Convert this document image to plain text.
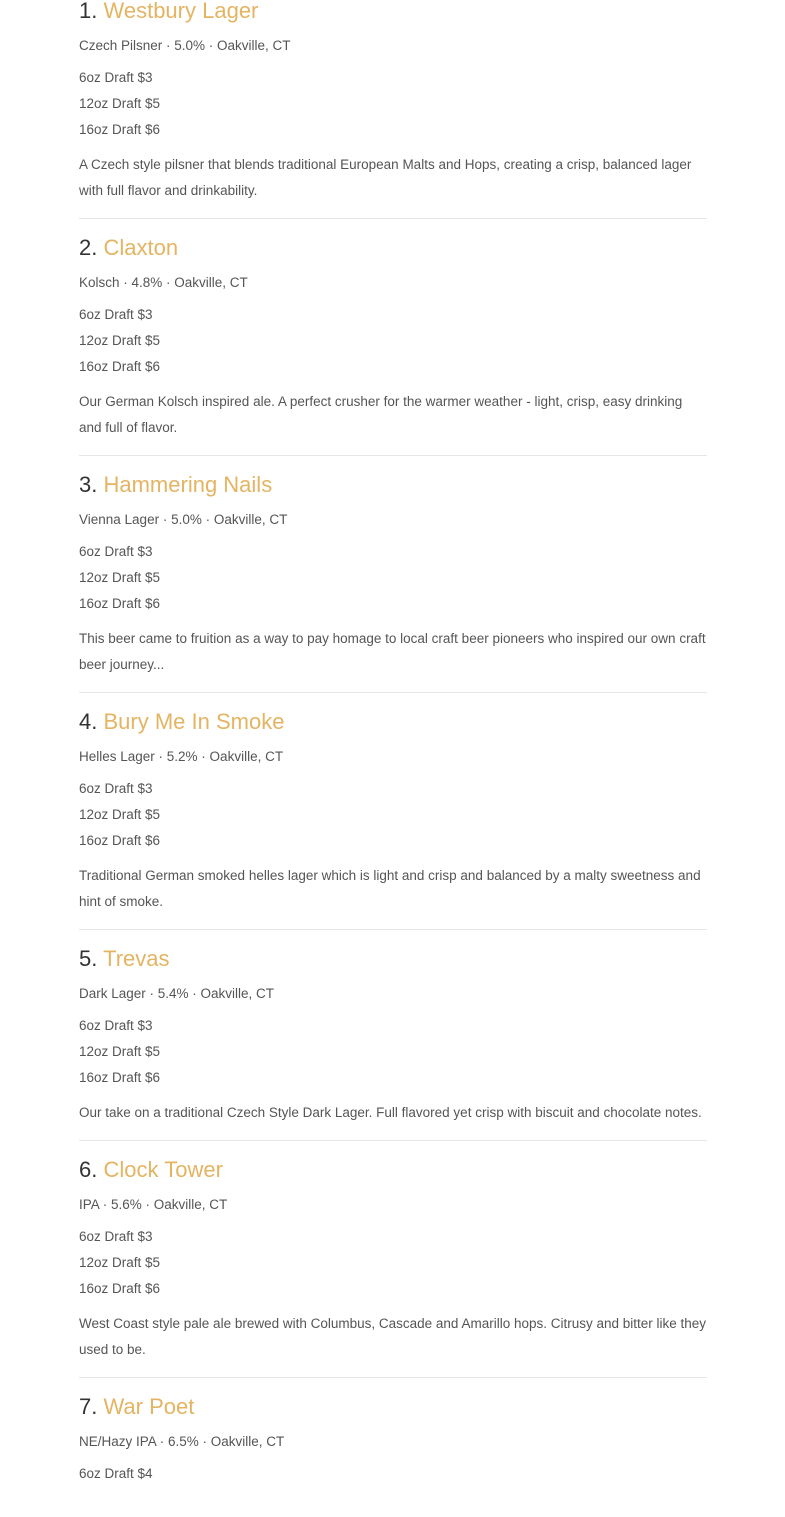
1. Westbury Lager
Czech Pilsner · 5.0% · Oakville, CT
6oz Draft $3
12oz Draft $5
16oz Draft $6

A Czech style pilsner that blends traditional European Malts and Hops, creating a crisp, balanced lager with full flavor and drinkability.

2. Claxton
Kolsch · 4.8% · Oakville, CT
6oz Draft $3
12oz Draft $5
16oz Draft $6

Our German Kolsch inspired ale. A perfect crusher for the warmer weather - light, crisp, easy drinking and full of flavor.

3. Hammering Nails
Vienna Lager · 5.0% · Oakville, CT
6oz Draft $3
12oz Draft $5
16oz Draft $6

This beer came to fruition as a way to pay homage to local craft beer pioneers who inspired our own craft beer journey...

4. Bury Me In Smoke
Helles Lager · 5.2% · Oakville, CT
6oz Draft $3
12oz Draft $5
16oz Draft $6

Traditional German smoked helles lager which is light and crisp and balanced by a malty sweetness and hint of smoke.

5. Trevas
Dark Lager · 5.4% · Oakville, CT
6oz Draft $3
12oz Draft $5
16oz Draft $6

Our take on a traditional Czech Style Dark Lager. Full flavored yet crisp with biscuit and chocolate notes.

6. Clock Tower
IPA · 5.6% · Oakville, CT
6oz Draft $3
12oz Draft $5
16oz Draft $6

West Coast style pale ale brewed with Columbus, Cascade and Amarillo hops. Citrusy and bitter like they used to be.

7. War Poet
NE/Hazy IPA · 6.5% · Oakville, CT
6oz Draft $4
